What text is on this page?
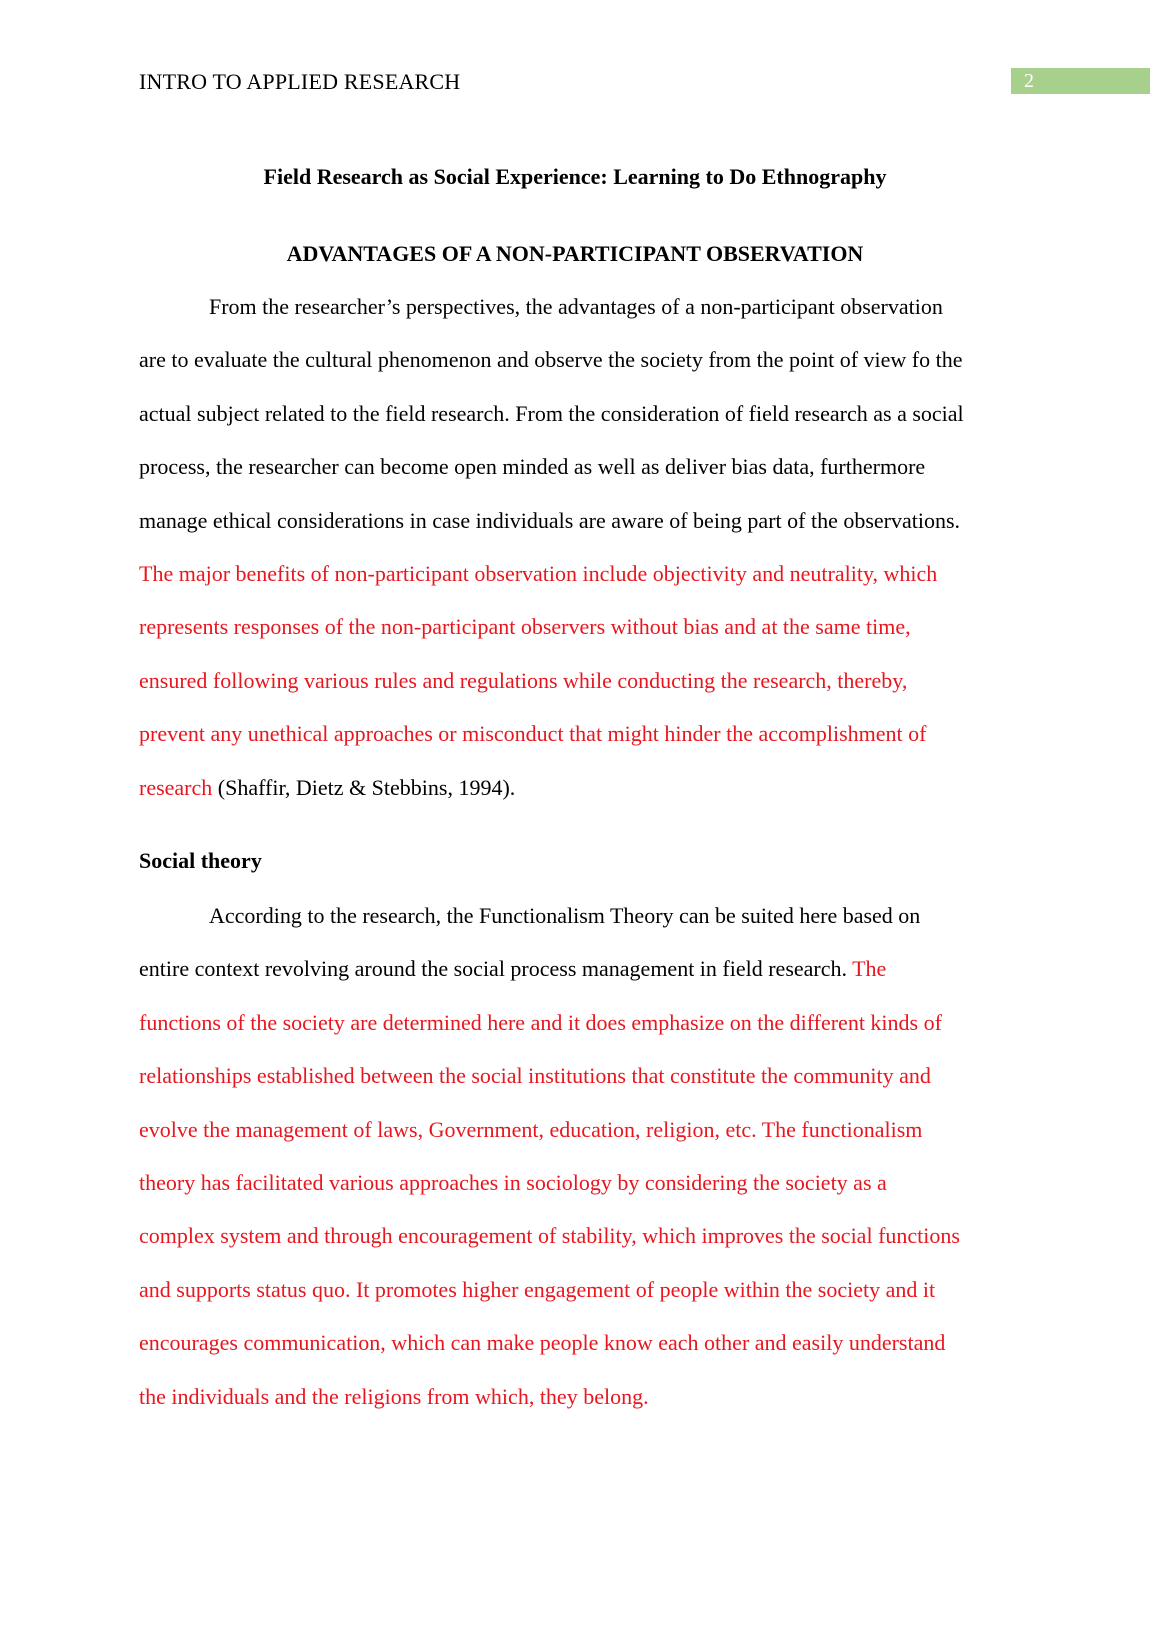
INTRO TO APPLIED RESEARCH	2
Field Research as Social Experience: Learning to Do Ethnography
ADVANTAGES OF A NON-PARTICIPANT OBSERVATION
From the researcher’s perspectives, the advantages of a non-participant observation
are to evaluate the cultural phenomenon and observe the society from the point of view fo the
actual subject related to the field research. From the consideration of field research as a social
process, the researcher can become open minded as well as deliver bias data, furthermore
manage ethical considerations in case individuals are aware of being part of the observations.
The major benefits of non-participant observation include objectivity and neutrality, which
represents responses of the non-participant observers without bias and at the same time,
ensured following various rules and regulations while conducting the research, thereby,
prevent any unethical approaches or misconduct that might hinder the accomplishment of
research (Shaffir, Dietz & Stebbins, 1994).
Social theory
According to the research, the Functionalism Theory can be suited here based on
entire context revolving around the social process management in field research. The
functions of the society are determined here and it does emphasize on the different kinds of
relationships established between the social institutions that constitute the community and
evolve the management of laws, Government, education, religion, etc. The functionalism
theory has facilitated various approaches in sociology by considering the society as a
complex system and through encouragement of stability, which improves the social functions
and supports status quo. It promotes higher engagement of people within the society and it
encourages communication, which can make people know each other and easily understand
the individuals and the religions from which, they belong.
